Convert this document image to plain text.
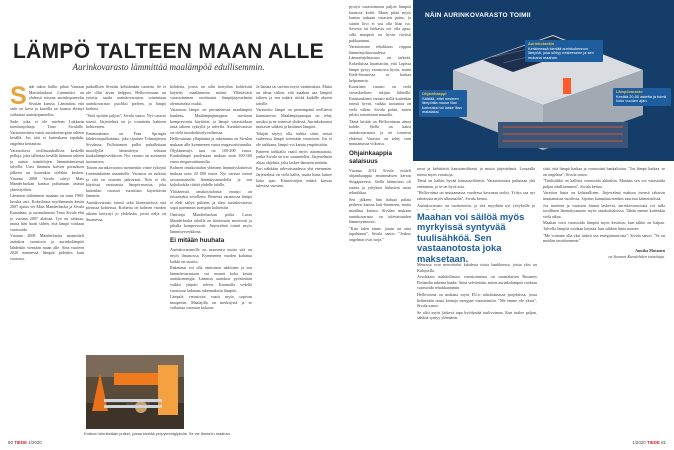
LÄMPÖ TALTEEN MAAN ALLE
Aurinkovarasto lämmittää maalämpöä edullisemmin.

Sade takoo hallin pihaa Vantaan Martinlaakson Lämmitäst on yhdessä toisena aurinkopaneelin Sivulan kanssa. Lämmitäst että sade on kova ja katoilla on kanssa ehtinyt vaikuttaa aurinkopaneeliin.

Sade, joka ei ole mieleen Lukkarin toimitusjohtaja Timo Sivulalle. Varastoiminen vaatii aurinkoenergian talteen kesällä. Jos tätä ei kuitenkaan tapahdu, ongelma kertautuu.

Varastoitava teollisuushallissa keskellä pelloja, joka tallentaa kesällä lämmön talteen ja auttaa toimitilojen lämmittämisessä talvella. Uusi lämmön kaivon porauksen jälkeen on kuitenkin vieläkin kesken. Vuonna 2008 Sivula siirtyi Mats Manderbackan kanssa puhumaan asiasta yhteistyöhön.

Lämmön säilöminen maahan on tuttu 1980-luvulta asti. Kokeiluista myöhemmin kesän 2007 ajatus vei Mats Manderbacka ja Sivula Kanadaan, ja suomalaisena Timo Sivula ehti jo vuonna 2007 aloittaa. Työ on vaikeaa, mutta hän luotti siihen, että lämpö voidaan varastoida.

Vuonna 2008 Manderbacka suunnitteli aurinkoa varastoon ja aurinkolämpöä lähdettiin viemään maan alle. Aina vuoteen 2020 mennessä lämpöä pidettiin kuin varastoa.

paikallisen Sivulan kehitämään tuotetta. Se ei ole ollut aivan helppoa. Hellovoimaan on yritetty saada aurinkovaraston toimintaan aurinkovarasto puoliksi pieleen, ja lämpö karkasi.

"Siitä opittiin paljon", Sivula sanoo. Nyt varasto toimii. Järjestelmä on jo toimitettu kahteen kohteeseen.

Ensimmäinen on Finn Springin lähdevesipullottamo, joka sijaitsee Tohmajärven Sivulassa. Pullottamon pullot puhallettaan maaöljyllä lämmitetyn tehtaan kaukolämpöverkkoon. Nyt varasto on asennettu tuotantoon.

Toinen aurinkovarasto asennettiin viime syksynä Lemminkäisen maantielle. Varastoa on tutkittu ja sitä on seurattu jatkuvasti. Niin ei ole käytössä varsinaista lämpövarastoa, joka kuitenkin varastoi vuosittain käytettävän lämmön.

Aurinkovarasto toimii sekä kiinteistöissä että pienissä kohteissa. Kohteita on kolmen vuoden aikana kertynyt jo yhdeksän, joista neljä on Suomessa.

kohdetta, joissa on siltä tiettyihin kohteisiin käytetty maalämmön määrä. Yllättävästi varastoiminen osoittautui lämpöjärjestelmän olennaiseksi osaksi.

Varastoon lämpö on periaatteessa maalämpöä hankittu. Maalämpöpumppua tarvitaan kompressorin käyttöön, ja lämpö varastoidaan tästä talteen syksyllä ja talvella. Aurinkovarasto on vielä tuotekehittelyvaiheessa.

Hellovoiman ylläpitämä ja rakentama on Sivulan mukaan alle kymmenen euroa megawattitunnilta. Öljylämmitys taas on 100-200 euroa. Kaukolämpö puolestaan maksaa noin 100-160 euroa megawattitunnilta.

Kolmen omakotitalon yhteinen lämmityslaitteisto maksaa noin 20 000 euroa. Nyt varasto toimii tavanomaisella lämmitysmuodolla ja sen kokoluokka riittää yhdelle talolle.

Ylittäneistä omakotitaloista varasto on toistaiseksi sovellettu. Pienessä varastossa lämpö ei ehdi säilyä pitkään, ja siksi aurinkovarasto sopii paremmin isompiin kohteisiin.

Omistaja Manderbackan poika Lucas Manderbacka taloilla on kiinteistön moottorit ja pihalla kompressorit. Järjestelmä toimii myös lämmitysverkkona.

Ei mitään huuhata

Aurinkovarastolle on maaseutu mutta sitä on myös ilmastossa. Kymmenen vuoden kuluttua kaikki on uusittu.

Rakennus voi olla omituisen näköinen ja sen lämmönvarastoon voi mennä koko kesän aurinkoenergia. Lämmin aurinkoa pyöritetään vaikka ympäri talven. Kuumalla vedellä varastoon ladataan rakennuksiin lämpöä.

Lämpöä varastoiva vaatii myös sopivan maaperän. Maalajilla on merkitystä ja se vaikuttaa varaston kokoon.

Ja lainata tai tarvittu myös vaatimuksia. Mutta on ideaa siihen, että maahan saa lämpöä talteen ja sen määrä riittää kaikille alueen taloille.

Varastoitu lämpö on pienempänä teollisesti kannattavaa. Maalämpöpumput on tehty uusiksi ja ne toimivat yhdessä. Aurinkokennot tuottavat sähköä ja keräimet lämpöä.

Tekijän täytyy olla tarkka siinä, missä vaiheessa lämpö siirretään varastoon. Jos ei ole tarkkana, lämpö voi karata ympäristöön.

Paineen tarkkailu vaatii myös automaatiota, jonka Sivula on itse suunnitellut. Järjestelmää ohjaa ohjelma, joka laskee lämmön määrän.

Pari nähdään tulevaisuudessa yhä enemmän. Järjestelmä on vielä kallis, mutta hinta laskee koko ajan. Kiinteistöjen määrä kasvaa tulevina vuosina.

Kottoon kiinnitetään putket, joissa kiertää propyleeniglykolia. Se vie lämmön maahan.
80 TIEDE 1/2020
NÄIN AURINKOVARASTO TOIMII
Aurinkokeräin
Keräimessä kiertää aurinkokennon lämpöä, joka siirtyy nesteeseen ja sen mukana maahan.
Lämpövarasto
Kestää 20-50 astetta ja toimii koko vuoden ajan.
Ohjainkaappi
Säätää, ettei nesteen lämpötila nouse liian korkeaksi tai laske liian matalaksi.

pystyä varastoimaan paljon lämpöä kuutiota kohti. Maan pitää myös kantaa raskaan varaston paino, ja suurin kivi ei saa olla liian iso. Savesta tai hiekasta voi olla apua, sillä maaperä on hyvin tiiviisti pakkautunut.

Varastoinnin tehokkuus riippuu lämmönjohtavuudesta. Lämmönjohtavuus on tärkeää. Kokeiluissa huomattiin, että Lapissa lämpö pysyy varastossa hyvin, mutta Etelä-Suomessa se karkaa helpommin.

Kaustinen varasto on vielä vieraskielisen tekijän lähteillä. Ensimmäinen varasto siellä kuitenkin toimii hyvin, vaikka tuotantoa on vielä vähän. Sivula pohtii, miten pilotti toteutetaan muualla.

Tämä kestää on Hellovoiman ainoa kohde. Siellä on kaksi aurinkovarastoa ja ne toimivat yhdessä. Varastot on tehty vain muutamassa viikossa.

Ohjainkaappia salaisuus

Vuonna 2012 Sivula esitteli ohjainkaappia ensimmäisen kerran Singaporessa. Siellä kiinnostus oli suurta ja yritykset halusivat ostaa tekniikkaa.

Sen jälkeen hän haluaa palata perheen kanssa koti-Suomeen, mutta maailma kutsuu. Sivulan mukaan aurinkovarasto on tulevaisuuden lämmitysmuoto.

"Kun tulen tänne, jotain on aina tapahtunut", Sivula sanoo. "Joskus ongelmat ovat isoja."

tavat ja kehittävät kansainvälisesti ja muita järjestelmiä. Lossaalla toimii myös varastoja.

Tämä on kaikki hyvää kansainvälisesti. Varastoinnista puhutaan yhä enemmän, ja se on hyvä asia.

"Hellovoima on muutamassa vuodessa kasvanut isoksi. Yritys saa nyt rahoitusta myös ulkomailta", Sivula kertoo.

Aurinkovarasto on tuotteistettu, ja sitä myydään nyt yrityksille ja

Maahan voi säilöä myös myrkyissä syntyvää tuulisähköä. Sen vastaanotosta joka maksetaan.

Menossa ovat neuvottelut kahdesta toista hankkeesta, joista yksi on Kalajoella.

Arvokkain mahdollisuus varastoinnissa on suomalaisen Business Finlandin tukema hanke. Siinä selvitetään, miten aurinkolämpöä voidaan varastoida tehokkaammin.

Hellovoima on mukana myös EU:n rahoittamassa projektissa, jossa kehitetään uusia keinoja energian varastointiin. "Me emme ole yksin", Sivula sanoo.

Se olisi myös järkevä tapa hyödyntää tuulivoimaa. Kun tuulee paljon, sähköä syntyy ylimäärin.

siitä, että lämpö karkaa ja varastointi hankaloituu. "Jos lämpö karkaa, se on ongelma", Sivula sanoo.

"Tuulisähkö on kallista varastoida akkuihin. Maahan sen voi varastoida paljon edullisemmin", Sivula kertoo.

Varaston hinta on kohtuullinen. Järjestelmä maksaa itsensä takaisin muutamassa vuodessa. Sijoitus kannattaa etenkin suurissa kiinteistöissä.

Jos tuotteen ja varaston hinnat laskevat, aurinkovarastosta voi tulla tavallinen lämmitysmuoto myös omakotitaloissa. Tähän menee kuitenkin vielä aikaa.

Maahan voisi varastoida lämpöä myös kesäisin, kun sähkö on halpaa. Talvella lämpöä voidaan käyttää, kun sähkön hinta nousee.

"Me voimme olla yksi tärkeä osa energiamurrosta", Sivula sanoo. "Se on meidän tavoitteemme."

Annika Mutanen

on Suomen Kuvalehden toimittaja.

1/2020 TIEDE 81
